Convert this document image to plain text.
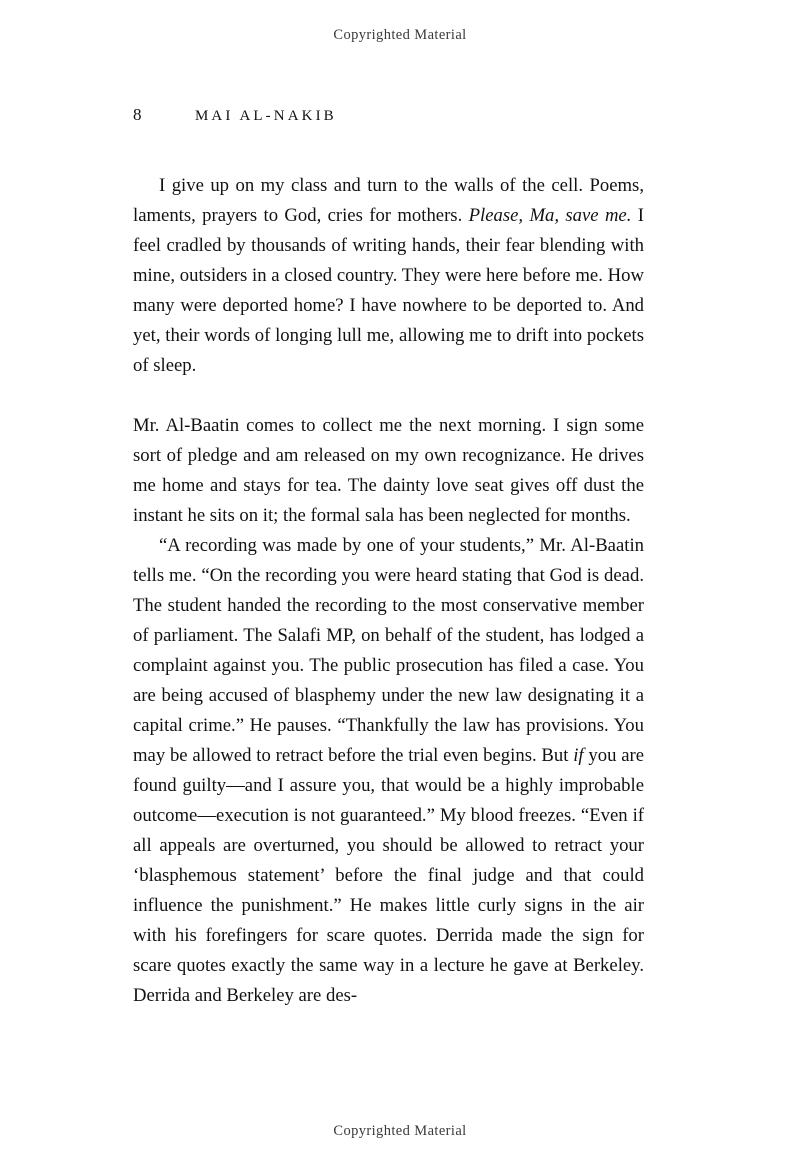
Copyrighted Material
8	MAI AL-NAKIB

I give up on my class and turn to the walls of the cell. Poems, laments, prayers to God, cries for mothers. Please, Ma, save me. I feel cradled by thousands of writing hands, their fear blending with mine, outsiders in a closed country. They were here before me. How many were deported home? I have nowhere to be deported to. And yet, their words of longing lull me, allowing me to drift into pockets of sleep.

Mr. Al-Baatin comes to collect me the next morning. I sign some sort of pledge and am released on my own recognizance. He drives me home and stays for tea. The dainty love seat gives off dust the instant he sits on it; the formal sala has been neglected for months.

“A recording was made by one of your students,” Mr. Al-Baatin tells me. “On the recording you were heard stating that God is dead. The student handed the recording to the most conservative member of parliament. The Salafi MP, on behalf of the student, has lodged a complaint against you. The public prosecution has filed a case. You are being accused of blasphemy under the new law designating it a capital crime.” He pauses. “Thankfully the law has provisions. You may be allowed to retract before the trial even begins. But if you are found guilty—and I assure you, that would be a highly improbable outcome—execution is not guaranteed.” My blood freezes. “Even if all appeals are overturned, you should be allowed to retract your ‘blasphemous statement’ before the final judge and that could influence the punishment.” He makes little curly signs in the air with his forefingers for scare quotes. Derrida made the sign for scare quotes exactly the same way in a lecture he gave at Berkeley. Derrida and Berkeley are des-

Copyrighted Material
